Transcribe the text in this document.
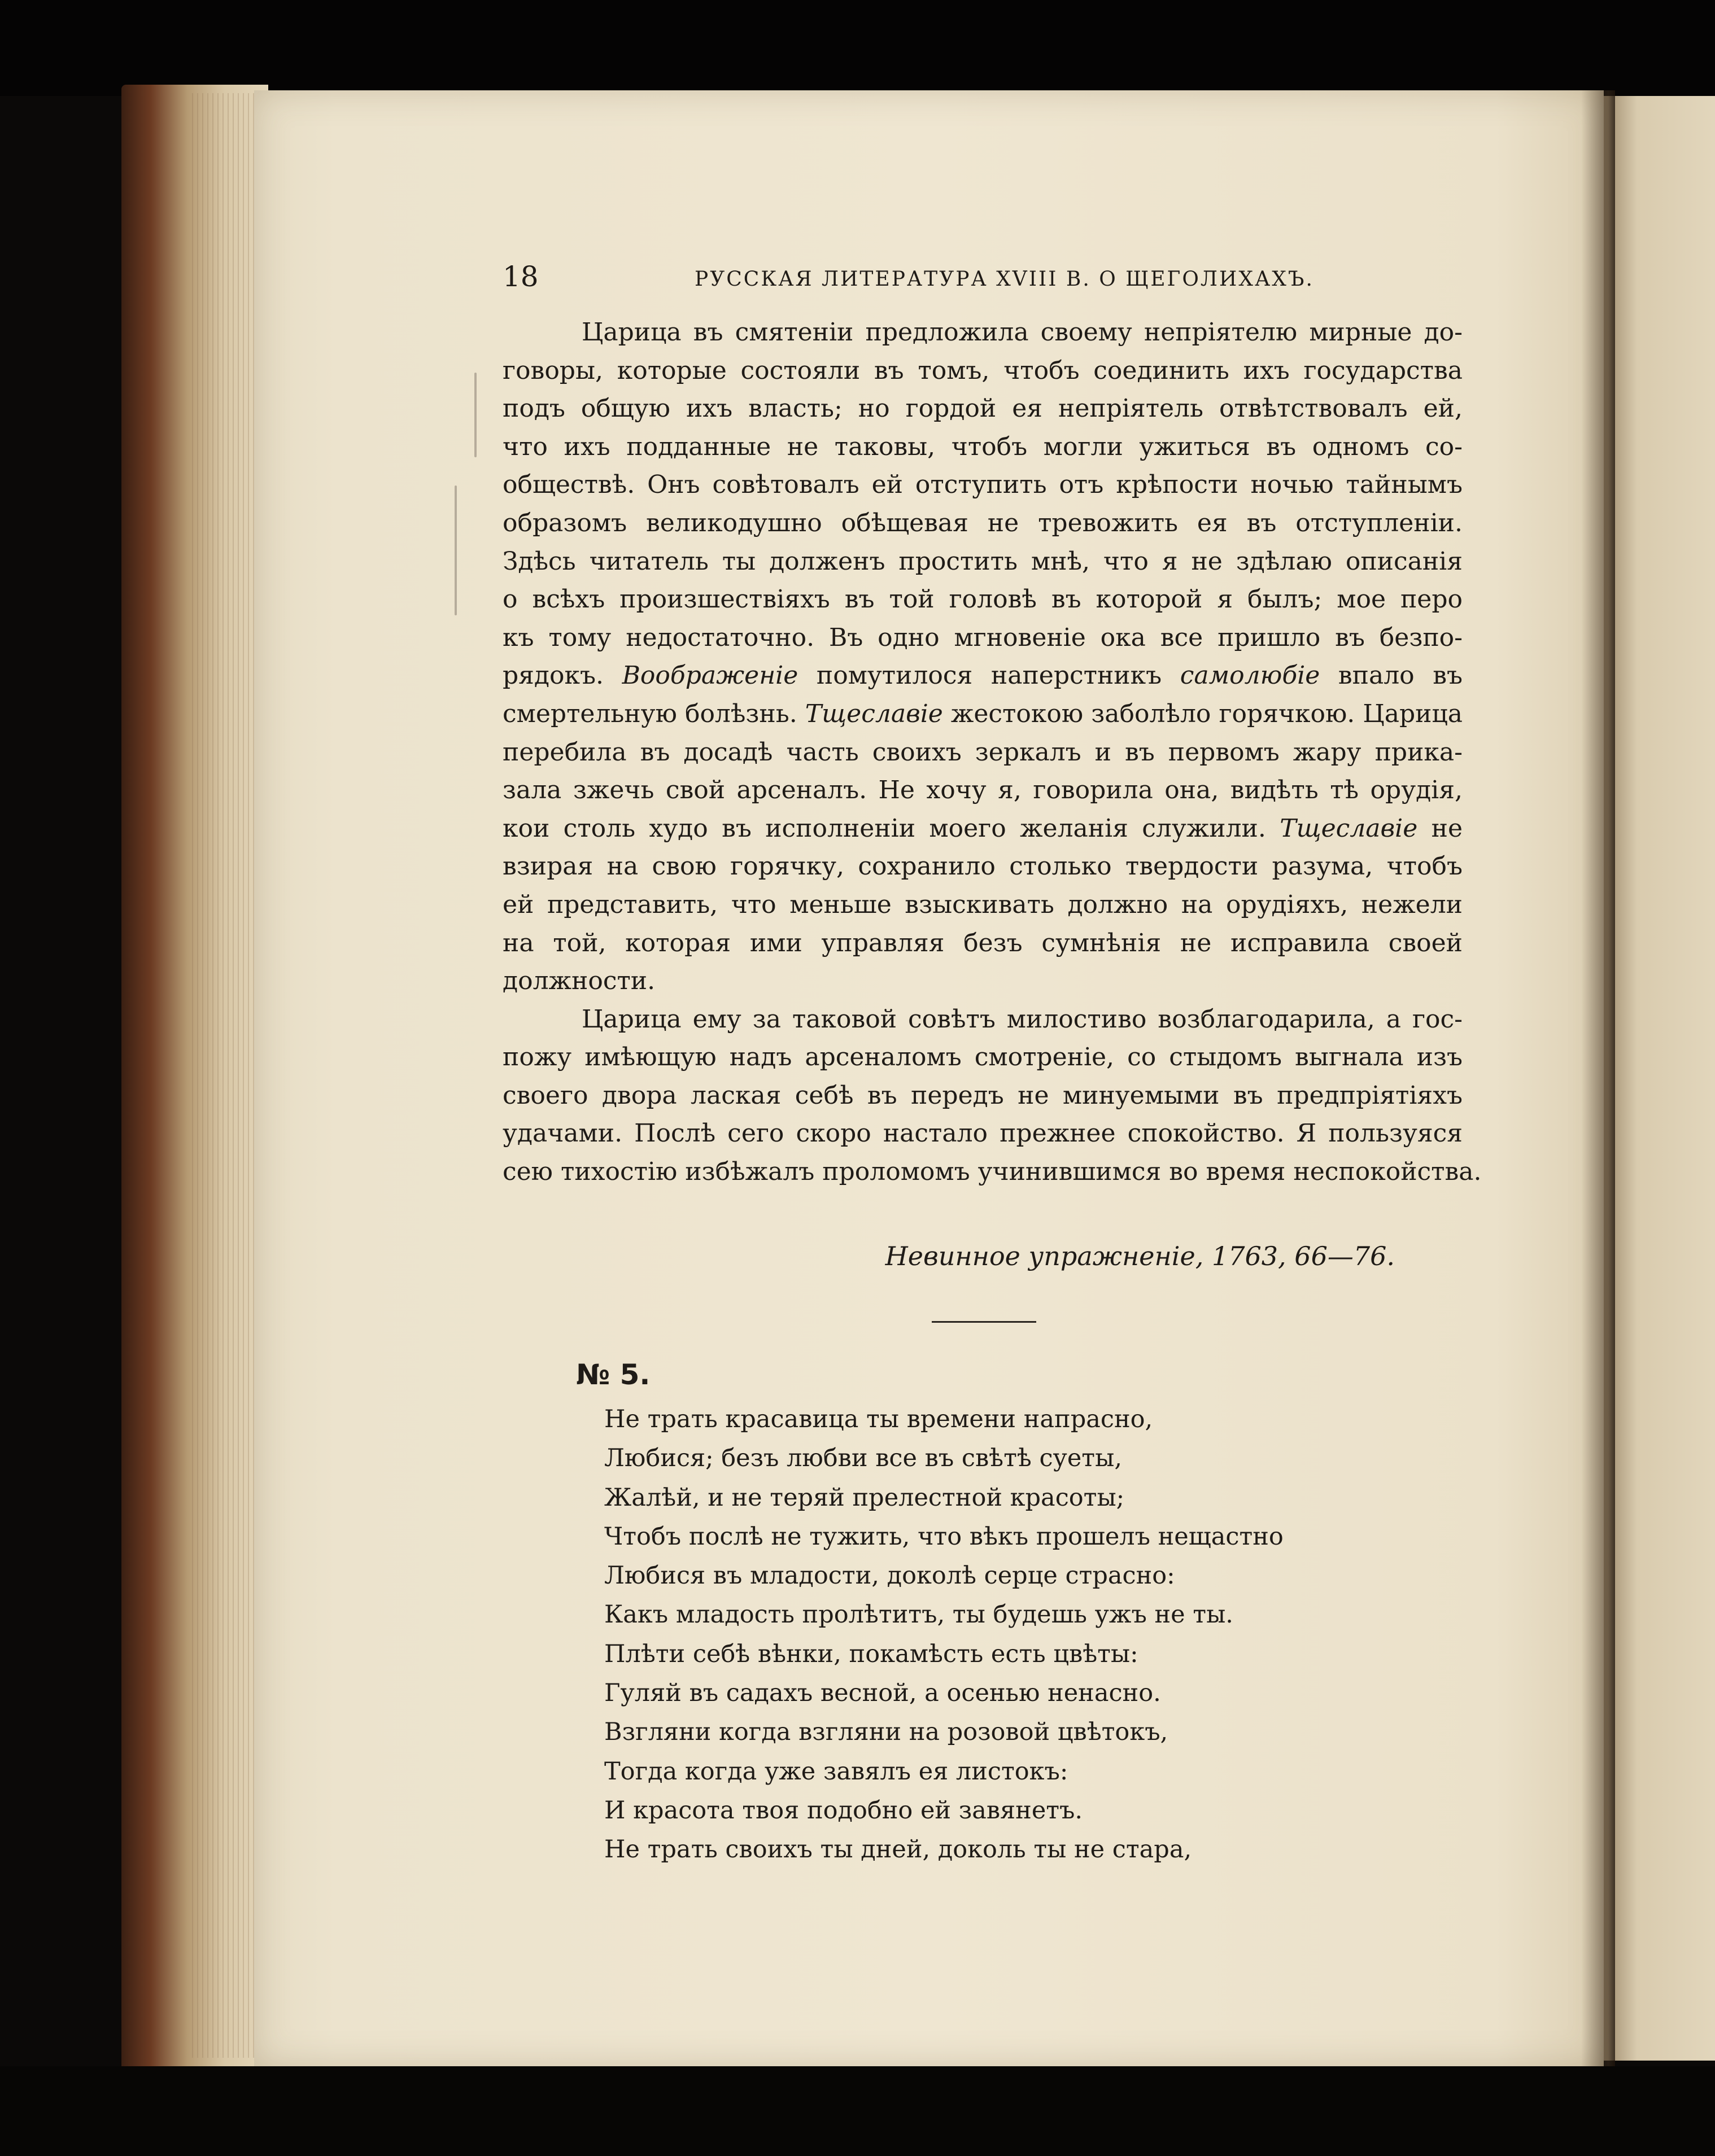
18	РУССКАЯ ЛИТЕРАТУРА XVIII В. О ЩЕГОЛИХАХЪ.
Царица въ смятеніи предложила своему непріятелю мирные до-
говоры, которые состояли въ томъ, чтобъ соединить ихъ государства
подъ общую ихъ власть; но гордой ея непріятель отвѣтствовалъ ей,
что ихъ подданные не таковы, чтобъ могли ужиться въ одномъ со-
обществѣ. Онъ совѣтовалъ ей отступить отъ крѣпости ночью тайнымъ
образомъ великодушно обѣщевая не тревожить ея въ отступленіи.
Здѣсь читатель ты долженъ простить мнѣ, что я не здѣлаю описанія
о всѣхъ произшествіяхъ въ той головѣ въ которой я былъ; мое перо
къ тому недостаточно. Въ одно мгновеніе ока все пришло въ безпо-
рядокъ. Воображеніе помутилося наперстникъ самолюбіе впало въ
смертельную болѣзнь. Тщеславіе жестокою заболѣло горячкою. Царица
перебила въ досадѣ часть своихъ зеркалъ и въ первомъ жару прика-
зала зжечь свой арсеналъ. Не хочу я, говорила она, видѣть тѣ орудія,
кои столь худо въ исполненіи моего желанія служили. Тщеславіе не
взирая на свою горячку, сохранило столько твердости разума, чтобъ
ей представить, что меньше взыскивать должно на орудіяхъ, нежели
на той, которая ими управляя безъ сумнѣнія не исправила своей
должности.
Царица ему за таковой совѣтъ милостиво возблагодарила, а гос-
пожу имѣющую надъ арсеналомъ смотреніе, со стыдомъ выгнала изъ
своего двора лаская себѣ въ передъ не минуемыми въ предпріятіяхъ
удачами. Послѣ сего скоро настало прежнее спокойство. Я пользуяся
сею тихостію избѣжалъ проломомъ учинившимся во время неспокойства.
Невинное упражненіе, 1763, 66—76.
№ 5.
Не трать красавица ты времени напрасно,
Любися; безъ любви все въ свѣтѣ суеты,
Жалѣй, и не теряй прелестной красоты;
Чтобъ послѣ не тужить, что вѣкъ прошелъ нещастно
Любися въ младости, доколѣ серце страсно:
Какъ младость пролѣтитъ, ты будешь ужъ не ты.
Плѣти себѣ вѣнки, покамѣсть есть цвѣты:
Гуляй въ садахъ весной, а осенью ненасно.
Взгляни когда взгляни на розовой цвѣтокъ,
Тогда когда уже завялъ ея листокъ:
И красота твоя подобно ей завянетъ.
Не трать своихъ ты дней, доколь ты не стара,
